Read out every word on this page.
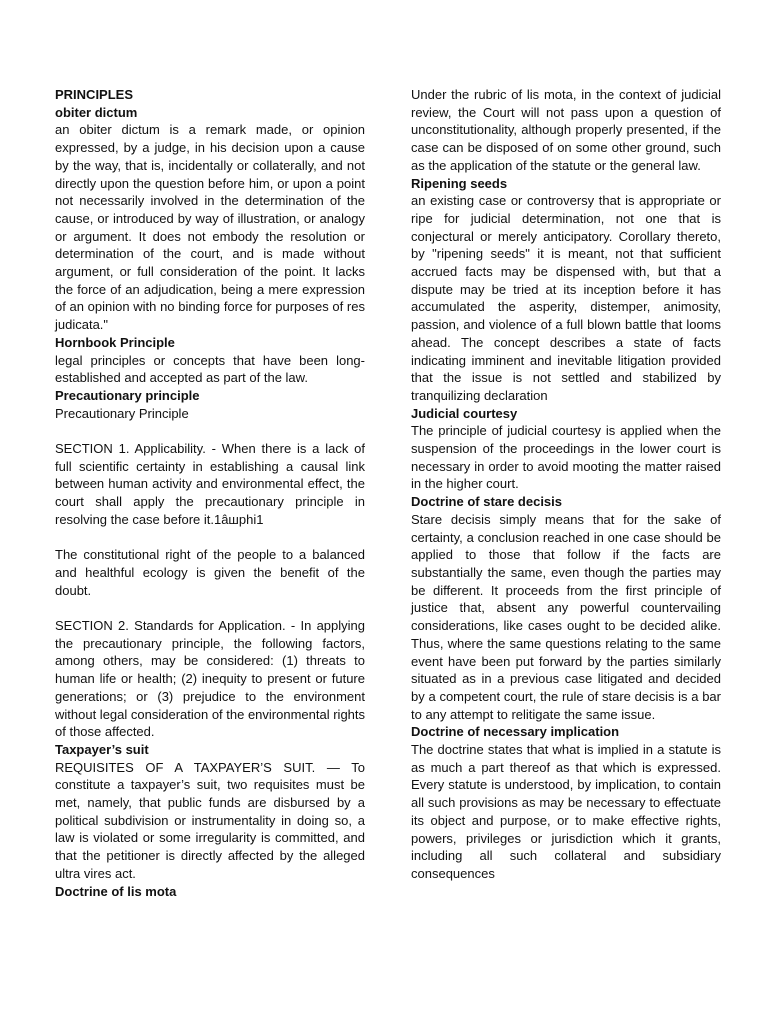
PRINCIPLES

obiter dictum

an obiter dictum is a remark made, or opinion expressed, by a judge, in his decision upon a cause by the way, that is, incidentally or collaterally, and not directly upon the question before him, or upon a point not necessarily involved in the determination of the cause, or introduced by way of illustration, or analogy or argument. It does not embody the resolution or determination of the court, and is made without argument, or full consideration of the point. It lacks the force of an adjudication, being a mere expression of an opinion with no binding force for purposes of res judicata."

Hornbook Principle

legal principles or concepts that have been long-established and accepted as part of the law.

Precautionary principle

Precautionary Principle

SECTION 1. Applicability. - When there is a lack of full scientific certainty in establishing a causal link between human activity and environmental effect, the court shall apply the precautionary principle in resolving the case before it.1âшphi1

The constitutional right of the people to a balanced and healthful ecology is given the benefit of the doubt.

SECTION 2. Standards for Application. - In applying the precautionary principle, the following factors, among others, may be considered: (1) threats to human life or health; (2) inequity to present or future generations; or (3) prejudice to the environment without legal consideration of the environmental rights of those affected.

Taxpayer’s suit

REQUISITES OF A TAXPAYER’S SUIT. — To constitute a taxpayer’s suit, two requisites must be met, namely, that public funds are disbursed by a political subdivision or instrumentality in doing so, a law is violated or some irregularity is committed, and that the petitioner is directly affected by the alleged ultra vires act.

Doctrine of lis mota

Under the rubric of lis mota, in the context of judicial review, the Court will not pass upon a question of unconstitutionality, although properly presented, if the case can be disposed of on some other ground, such as the application of the statute or the general law.

Ripening seeds

an existing case or controversy that is appropriate or ripe for judicial determination, not one that is conjectural or merely anticipatory. Corollary thereto, by "ripening seeds" it is meant, not that sufficient accrued facts may be dispensed with, but that a dispute may be tried at its inception before it has accumulated the asperity, distemper, animosity, passion, and violence of a full blown battle that looms ahead. The concept describes a state of facts indicating imminent and inevitable litigation provided that the issue is not settled and stabilized by tranquilizing declaration

Judicial courtesy

The principle of judicial courtesy is applied when the suspension of the proceedings in the lower court is necessary in order to avoid mooting the matter raised in the higher court.

Doctrine of stare decisis

Stare decisis simply means that for the sake of certainty, a conclusion reached in one case should be applied to those that follow if the facts are substantially the same, even though the parties may be different. It proceeds from the first principle of justice that, absent any powerful countervailing considerations, like cases ought to be decided alike. Thus, where the same questions relating to the same event have been put forward by the parties similarly situated as in a previous case litigated and decided by a competent court, the rule of stare decisis is a bar to any attempt to relitigate the same issue.

Doctrine of necessary implication

The doctrine states that what is implied in a statute is as much a part thereof as that which is expressed. Every statute is understood, by implication, to contain all such provisions as may be necessary to effectuate its object and purpose, or to make effective rights, powers, privileges or jurisdiction which it grants, including all such collateral and subsidiary consequences
